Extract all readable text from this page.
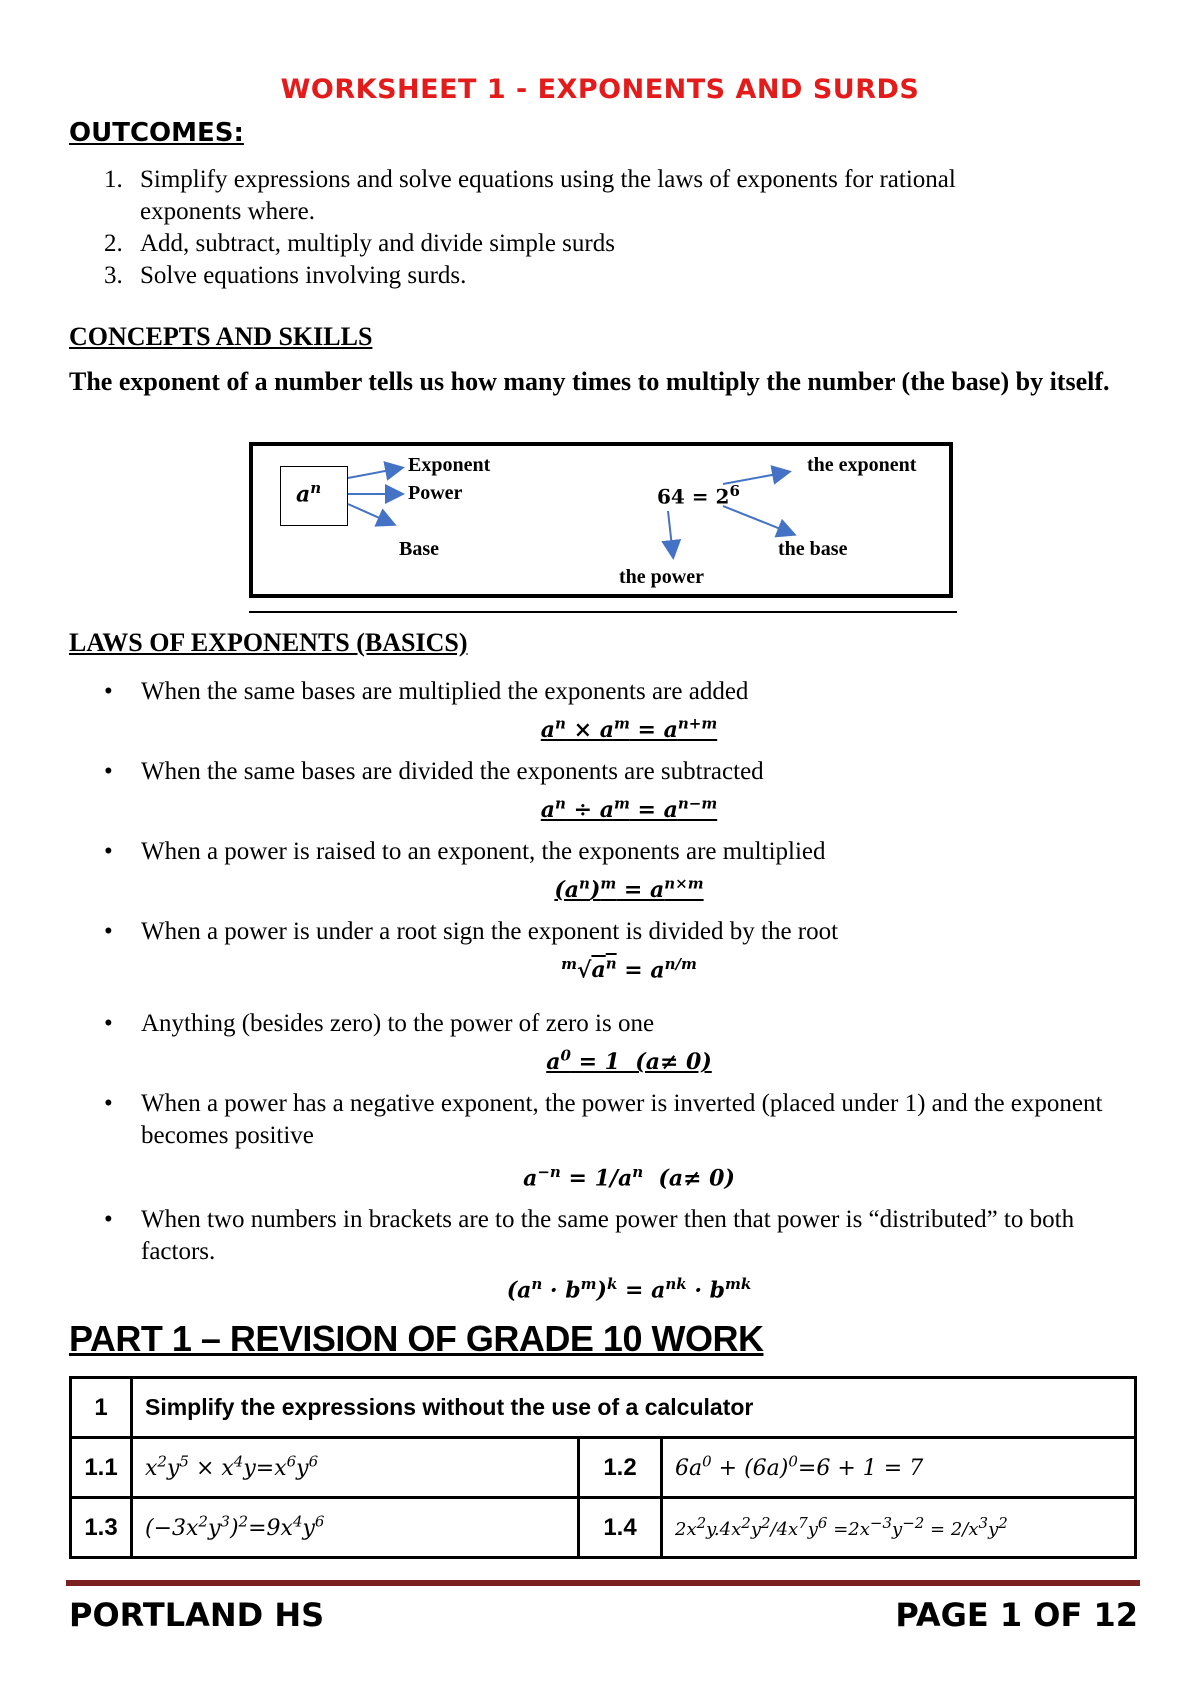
WORKSHEET 1 - EXPONENTS AND SURDS
OUTCOMES:
1. Simplify expressions and solve equations using the laws of exponents for rational
exponents where.
2. Add, subtract, multiply and divide simple surds
3. Solve equations involving surds.
CONCEPTS AND SKILLS
The exponent of a number tells us how many times to multiply the number (the base) by itself.
$a^n$
Exponent
Power
Base
$64 = 2^6$
the exponent
the base
the power
LAWS OF EXPONENTS (BASICS)
• When the same bases are multiplied the exponents are added
$a^n \times a^m = a^{n+m}$
• When the same bases are divided the exponents are subtracted
$a^n \div a^m = a^{n-m}$
• When a power is raised to an exponent, the exponents are multiplied
$(a^n)^m = a^{n\times m}$
• When a power is under a root sign the exponent is divided by the root
$^m√a^n = a^{n/m}$
• Anything (besides zero) to the power of zero is one
$a^0 = 1$  (a≠ 0)
• When a power has a negative exponent, the power is inverted (placed under 1) and the exponent becomes positive
$a^{-n} = 1/a^n$  (a≠ 0)
• When two numbers in brackets are to the same power then that power is “distributed” to both factors.
$(a^n \cdot b^m)^k = a^{nk} \cdot b^{mk}$
PART 1 – REVISION OF GRADE 10 WORK
1	Simplify the expressions without the use of a calculator		
1.1	$x^2y^5 \times x^4y=x^6y^6$	1.2	$6a^0 + (6a)^0=6 + 1 = 7$
1.3	$(-3x^2y^3)^2=9x^4y^6$	1.4	$2x^2y.4x^2y^2/4x^7y^6 =2x^{-3}y^{-2} = 2/x^3y^2$
PORTLAND HS	PAGE 1 OF 12
